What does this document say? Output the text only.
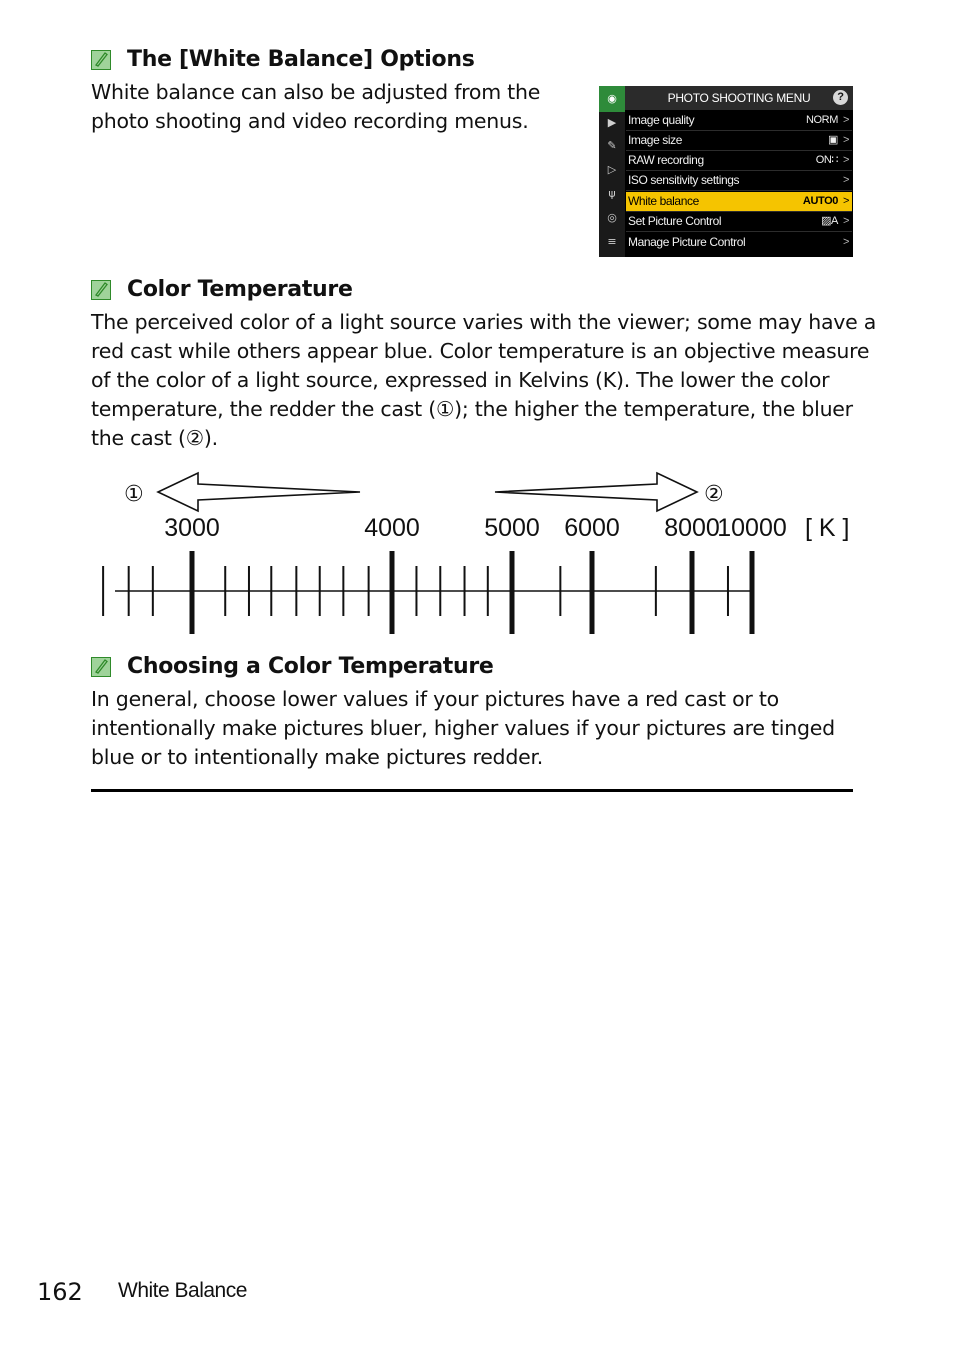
The [White Balance] Options

White balance can also be adjusted from the
photo shooting and video recording menus.

◉
▶
✎
▷
ψ
◎
≡
PHOTO SHOOTING MENU	?
Image quality	NORM >
Image size	▣ >
RAW recording	ON∷ >
ISO sensitivity settings	>
White balance	AUTO0 >
Set Picture Control	▨A >
Manage Picture Control	>
Color Temperature

The perceived color of a light source varies with the viewer; some may have a
red cast while others appear blue. Color temperature is an objective measure
of the color of a light source, expressed in Kelvins (K). The lower the color
temperature, the redder the cast (①); the higher the temperature, the bluer
the cast (②).

①	②
[ K ]
3000	4000	5000 6000 8000
10000
Choosing a Color Temperature

In general, choose lower values if your pictures have a red cast or to
intentionally make pictures bluer, higher values if your pictures are tinged
blue or to intentionally make pictures redder.

162 White Balance
